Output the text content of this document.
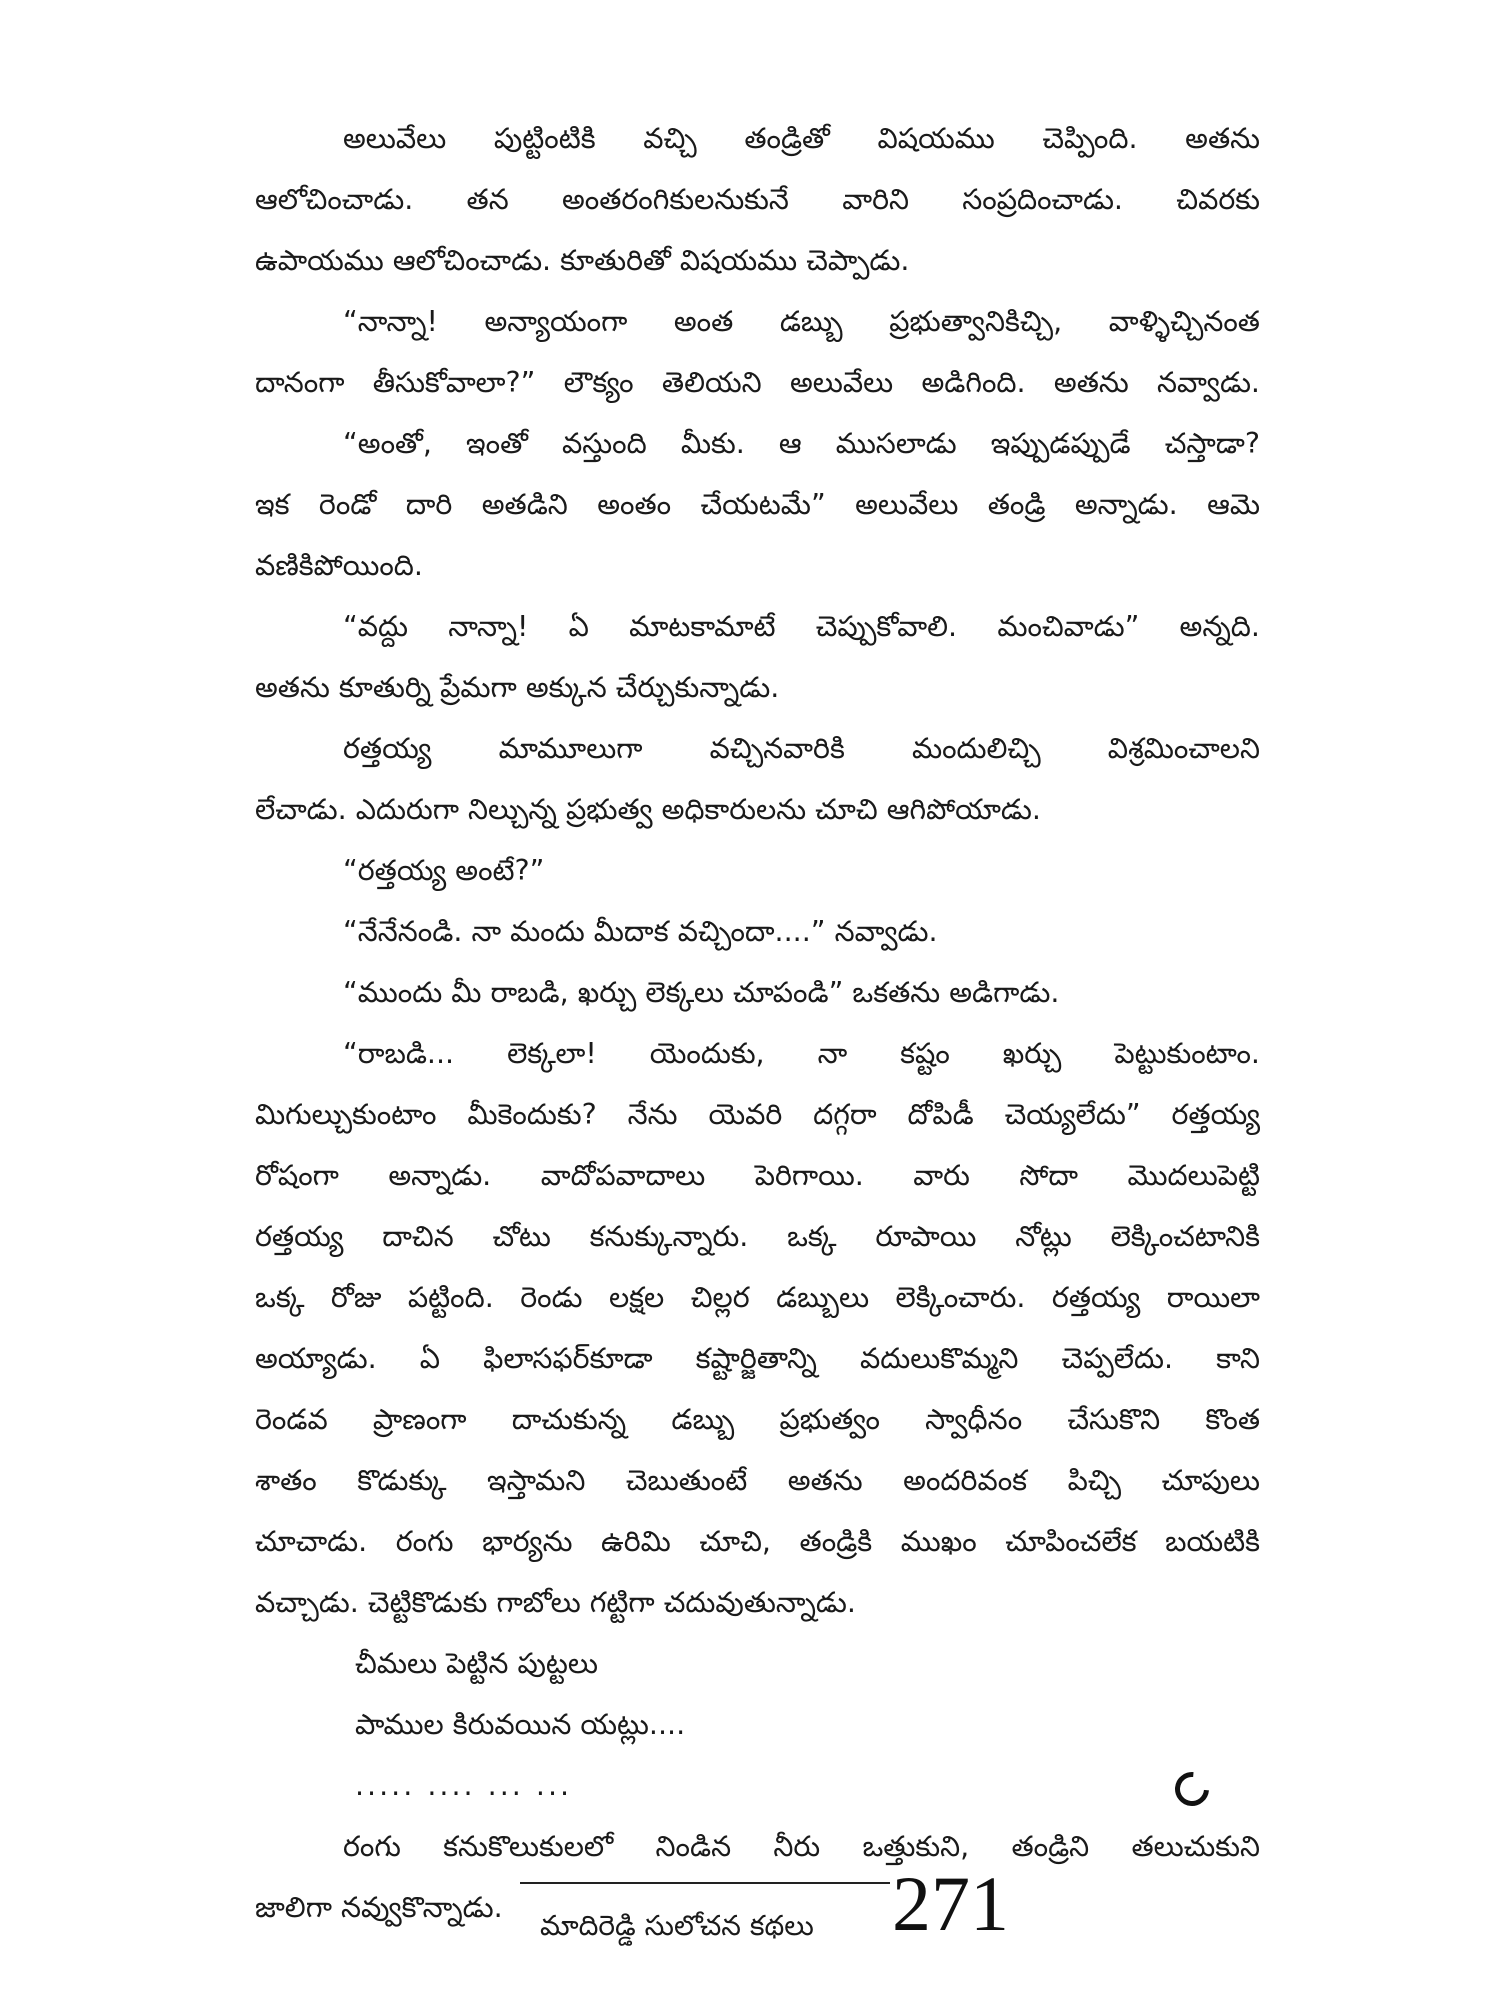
అలువేలు పుట్టింటికి వచ్చి తండ్రితో విషయము చెప్పింది. అతను
ఆలోచించాడు. తన అంతరంగికులనుకునే వారిని సంప్రదించాడు. చివరకు
ఉపాయము ఆలోచించాడు. కూతురితో విషయము చెప్పాడు.
“నాన్నా! అన్యాయంగా అంత డబ్బు ప్రభుత్వానికిచ్చి, వాళ్ళిచ్చినంత
దానంగా తీసుకోవాలా?” లౌక్యం తెలియని అలువేలు అడిగింది. అతను నవ్వాడు.
“అంతో, ఇంతో వస్తుంది మీకు. ఆ ముసలాడు ఇప్పుడప్పుడే చస్తాడా?
ఇక రెండో దారి అతడిని అంతం చేయటమే” అలువేలు తండ్రి అన్నాడు. ఆమె
వణికిపోయింది.
“వద్దు నాన్నా! ఏ మాటకామాటే చెప్పుకోవాలి. మంచివాడు” అన్నది.
అతను కూతుర్ని ప్రేమగా అక్కున చేర్చుకున్నాడు.
రత్తయ్య మామూలుగా వచ్చినవారికి మందులిచ్చి విశ్రమించాలని
లేచాడు. ఎదురుగా నిల్చున్న ప్రభుత్వ అధికారులను చూచి ఆగిపోయాడు.
“రత్తయ్య అంటే?”
“నేనేనండి. నా మందు మీదాక వచ్చిందా....” నవ్వాడు.
“ముందు మీ రాబడి, ఖర్చు లెక్కలు చూపండి” ఒకతను అడిగాడు.
“రాబడి... లెక్కలా! యెందుకు, నా కష్టం ఖర్చు పెట్టుకుంటాం.
మిగుల్చుకుంటాం మీకెందుకు? నేను యెవరి దగ్గరా దోపిడీ చెయ్యలేదు” రత్తయ్య
రోషంగా అన్నాడు. వాదోపవాదాలు పెరిగాయి. వారు సోదా మొదలుపెట్టి
రత్తయ్య దాచిన చోటు కనుక్కున్నారు. ఒక్క రూపాయి నోట్లు లెక్కించటానికి
ఒక్క రోజు పట్టింది. రెండు లక్షల చిల్లర డబ్బులు లెక్కించారు. రత్తయ్య రాయిలా
అయ్యాడు. ఏ ఫిలాసఫర్‌కూడా కష్టార్జితాన్ని వదులుకొమ్మని చెప్పలేదు. కాని
రెండవ ప్రాణంగా దాచుకున్న డబ్బు ప్రభుత్వం స్వాధీనం చేసుకొని కొంత
శాతం కొడుక్కు ఇస్తామని చెబుతుంటే అతను అందరివంక పిచ్చి చూపులు
చూచాడు. రంగు భార్యను ఉరిమి చూచి, తండ్రికి ముఖం చూపించలేక బయటికి
వచ్చాడు. చెట్టికొడుకు గాబోలు గట్టిగా చదువుతున్నాడు.
చీమలు పెట్టిన పుట్టలు
పాముల కిరువయిన యట్లు....
..... .... ... ...
రంగు కనుకొలుకులలో నిండిన నీరు ఒత్తుకుని, తండ్రిని తలుచుకుని
జాలిగా నవ్వుకొన్నాడు.
మాదిరెడ్డి సులోచన కథలు 271
